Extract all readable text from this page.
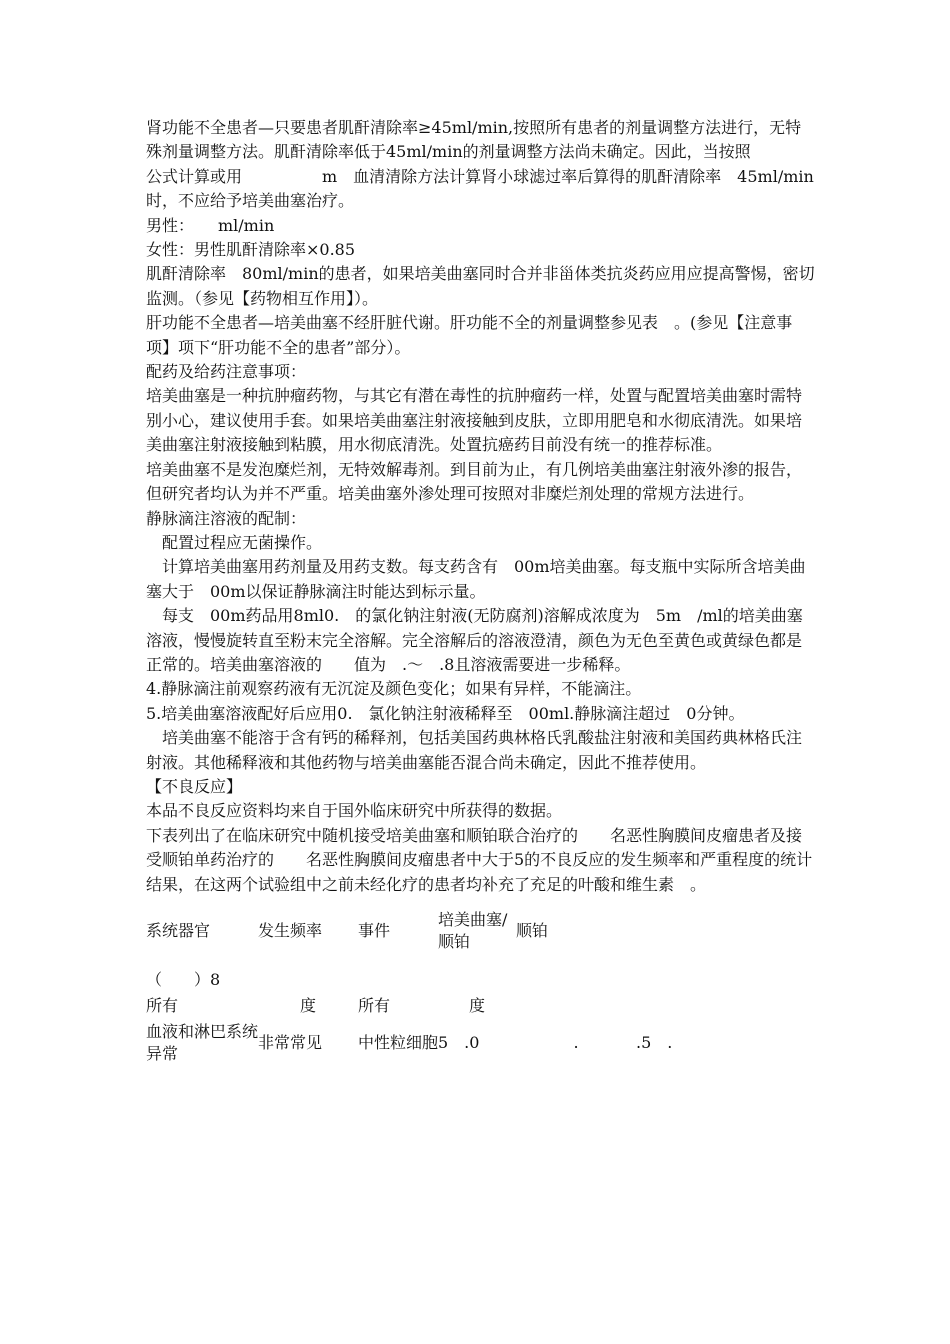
肾功能不全患者—只要患者肌酐清除率≥45ml/min,按照所有患者的剂量调整方法进行，无特殊剂量调整方法。肌酐清除率低于45ml/min的剂量调整方法尚未确定。因此，当按照　　　　　　　公式计算或用　　　　　m　血清清除方法计算肾小球滤过率后算得的肌酐清除率　45ml/min时，不应给予培美曲塞治疗。

男性：　　ml/min

女性：男性肌酐清除率×0.85

肌酐清除率　80ml/min的患者，如果培美曲塞同时合并非甾体类抗炎药应用应提高警惕，密切监测。（参见【药物相互作用】）。

肝功能不全患者—培美曲塞不经肝脏代谢。肝功能不全的剂量调整参见表　。(参见【注意事项】项下“肝功能不全的患者”部分）。

配药及给药注意事项：

培美曲塞是一种抗肿瘤药物，与其它有潜在毒性的抗肿瘤药一样，处置与配置培美曲塞时需特别小心，建议使用手套。如果培美曲塞注射液接触到皮肤，立即用肥皂和水彻底清洗。如果培美曲塞注射液接触到粘膜，用水彻底清洗。处置抗癌药目前没有统一的推荐标准。

培美曲塞不是发泡糜烂剂，无特效解毒剂。到目前为止，有几例培美曲塞注射液外渗的报告，但研究者均认为并不严重。培美曲塞外渗处理可按照对非糜烂剂处理的常规方法进行。

静脉滴注溶液的配制：

　配置过程应无菌操作。

　计算培美曲塞用药剂量及用药支数。每支药含有　00m培美曲塞。每支瓶中实际所含培美曲塞大于　00m以保证静脉滴注时能达到标示量。

　每支　00m药品用8ml0.　的氯化钠注射液(无防腐剂)溶解成浓度为　5m　/ml的培美曲塞溶液，慢慢旋转直至粉末完全溶解。完全溶解后的溶液澄清，颜色为无色至黄色或黄绿色都是正常的。培美曲塞溶液的　　值为　.～　.8且溶液需要进一步稀释。

4.静脉滴注前观察药液有无沉淀及颜色变化；如果有异样，不能滴注。

5.培美曲塞溶液配好后应用0.　氯化钠注射液稀释至　00ml.静脉滴注超过　0分钟。

　培美曲塞不能溶于含有钙的稀释剂，包括美国药典林格氏乳酸盐注射液和美国药典林格氏注射液。其他稀释液和其他药物与培美曲塞能否混合尚未确定，因此不推荐使用。

【不良反应】

本品不良反应资料均来自于国外临床研究中所获得的数据。

下表列出了在临床研究中随机接受培美曲塞和顺铂联合治疗的　　名恶性胸膜间皮瘤患者及接受顺铂单药治疗的　　名恶性胸膜间皮瘤患者中大于5的不良反应的发生频率和严重程度的统计结果，在这两个试验组中之前未经化疗的患者均补充了充足的叶酸和维生素　。

系统器官	发生频率	事件	培美曲塞/顺铂	顺铂	
（　　）8					
所有	度	所有	度		
血液和淋巴系统异常	非常常见	中性粒细胞	5　.0	.	.5　.
